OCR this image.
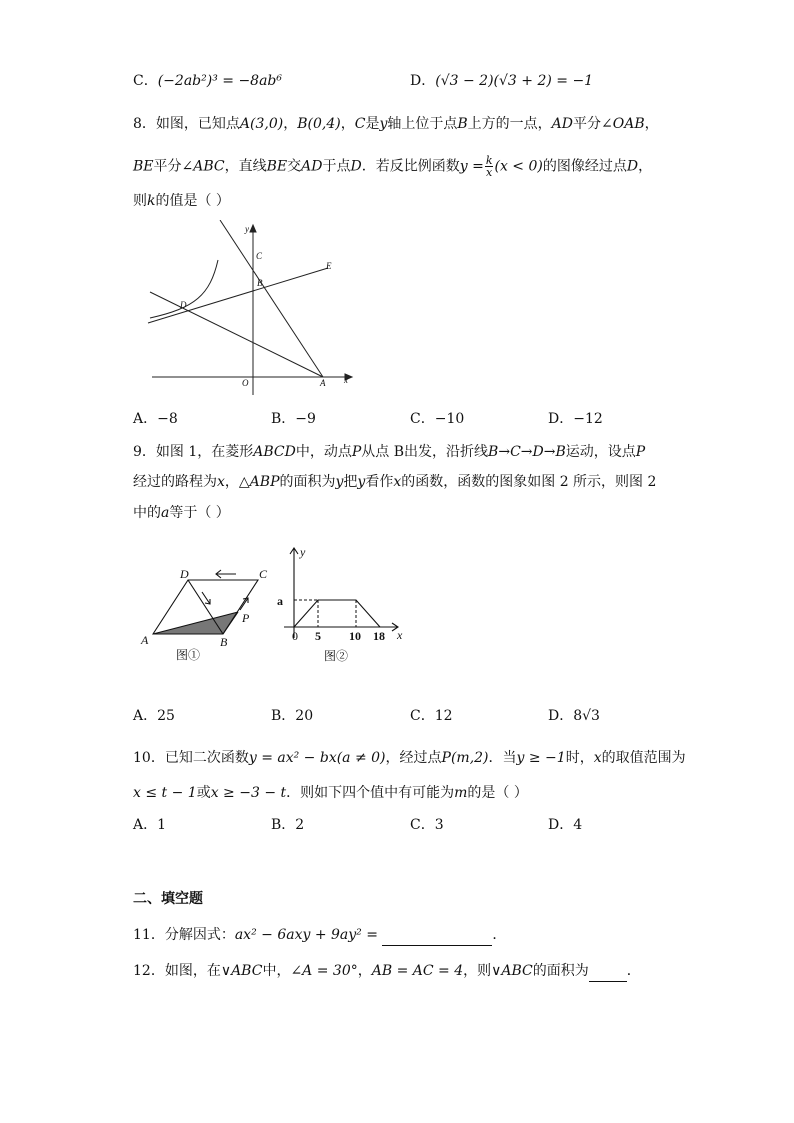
C．(−2ab²)³ = −8ab⁶	D．(√3 − 2)(√3 + 2) = −1
8．如图，已知点A(3,0)，B(0,4)，C是y轴上位于点B上方的一点，AD平分∠OAB，
BE平分∠ABC，直线BE交AD于点D．若反比例函数$y = \frac{k}{x} (x < 0)$的图像经过点D，
则k的值是（ ）
y
x
C
B
E
D
O	A
A．−8	B．−9	C．−10	D．−12
9．如图 1，在菱形ABCD中，动点P从点 B出发，沿折线B→C→D→B运动，设点P
经过的路程为x，△ABP的面积为y把y看作x的函数，函数的图象如图 2 所示，则图 2
中的a等于（ ）
D	C
A	B
P
图①
y
x
a
0 5 10 18
图②
A．25	B．20	C．12	D．8√3
10．已知二次函数y = ax² − bx(a ≠ 0)，经过点P(m,2)．当y ≥ −1时，x的取值范围为
x ≤ t − 1或x ≥ −3 − t．则如下四个值中有可能为m的是（ ）
A．1	B．2	C．3	D．4
二、填空题
11．分解因式：ax² − 6axy + 9ay² =	．
12．如图，在∨ABC中，∠A = 30°，AB = AC = 4，则∨ABC的面积为	．
